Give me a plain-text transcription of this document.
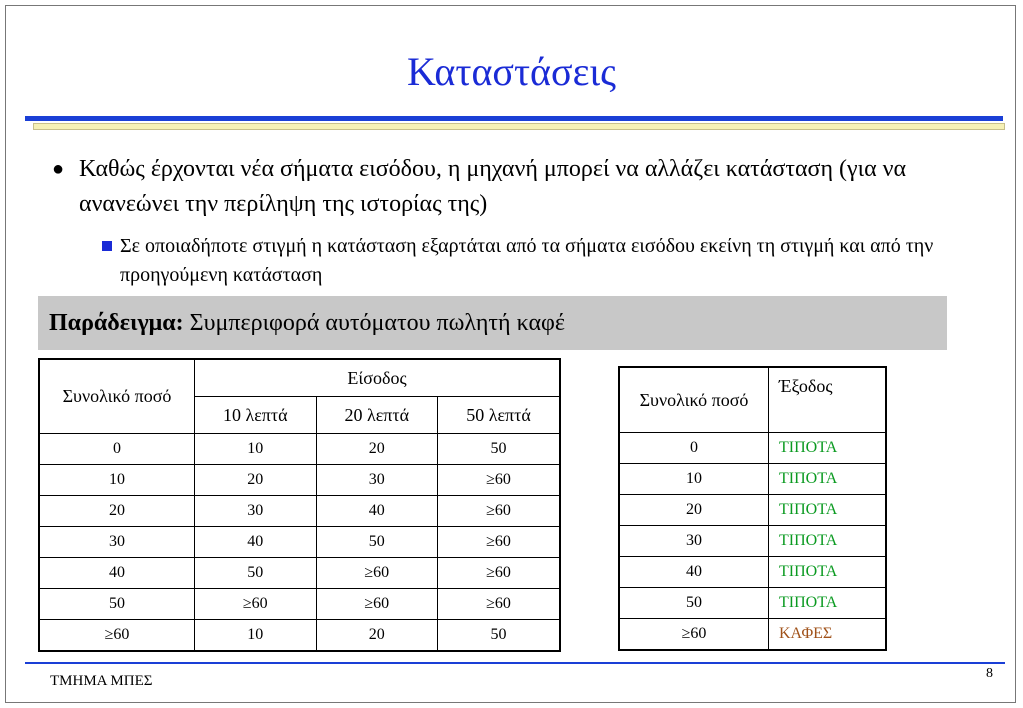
Καταστάσεις
● Καθώς έρχονται νέα σήματα εισόδου, η μηχανή μπορεί να αλλάζει κατάσταση (για να ανανεώνει την περίληψη της ιστορίας της)
Σε οποιαδήποτε στιγμή η κατάσταση εξαρτάται από τα σήματα εισόδου εκείνη τη στιγμή και από την προηγούμενη κατάσταση
Παράδειγμα: Συμπεριφορά αυτόματου πωλητή καφέ
Συνολικό ποσό	Είσοδος		
	10 λεπτά	20 λεπτά	50 λεπτά
0	10	20	50
10	20	30	≥60
20	30	40	≥60
30	40	50	≥60
40	50	≥60	≥60
50	≥60	≥60	≥60
≥60	10	20	50
Συνολικό ποσό	Έξοδος
0	ΤΙΠΟΤΑ
10	ΤΙΠΟΤΑ
20	ΤΙΠΟΤΑ
30	ΤΙΠΟΤΑ
40	ΤΙΠΟΤΑ
50	ΤΙΠΟΤΑ
≥60	ΚΑΦΕΣ
ΤΜΗΜΑ ΜΠΕΣ	8
